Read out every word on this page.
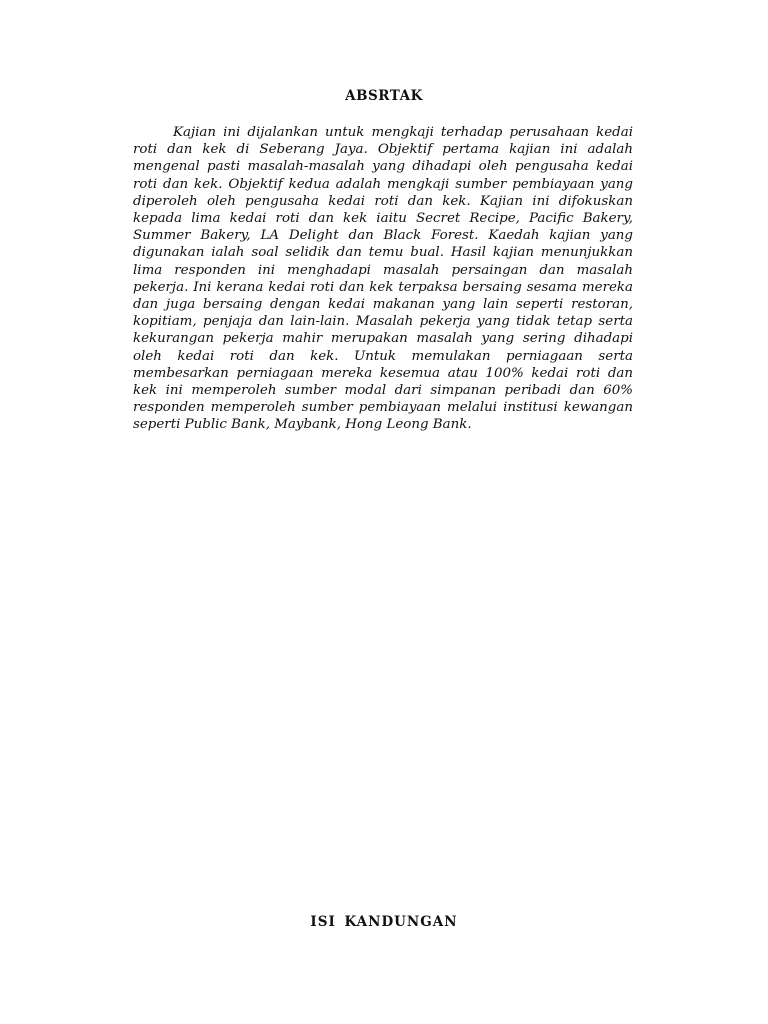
ABSRTAK

Kajian ini dijalankan untuk mengkaji terhadap perusahaan kedai roti dan kek di Seberang Jaya. Objektif pertama kajian ini adalah mengenal pasti masalah-masalah yang dihadapi oleh pengusaha kedai roti dan kek. Objektif kedua adalah mengkaji sumber pembiayaan yang diperoleh oleh pengusaha kedai roti dan kek. Kajian ini difokuskan kepada lima kedai roti dan kek iaitu Secret Recipe, Pacific Bakery, Summer Bakery, LA Delight dan Black Forest. Kaedah kajian yang digunakan ialah soal selidik dan temu bual. Hasil kajian menunjukkan lima responden ini menghadapi masalah persaingan dan masalah pekerja. Ini kerana kedai roti dan kek terpaksa bersaing sesama mereka dan juga bersaing dengan kedai makanan yang lain seperti restoran, kopitiam, penjaja dan lain-lain. Masalah pekerja yang tidak tetap serta kekurangan pekerja mahir merupakan masalah yang sering dihadapi oleh kedai roti dan kek. Untuk memulakan perniagaan serta membesarkan perniagaan mereka kesemua atau 100% kedai roti dan kek ini memperoleh sumber modal dari simpanan peribadi dan 60% responden memperoleh sumber pembiayaan melalui institusi kewangan seperti Public Bank, Maybank, Hong Leong Bank.

ISI KANDUNGAN
